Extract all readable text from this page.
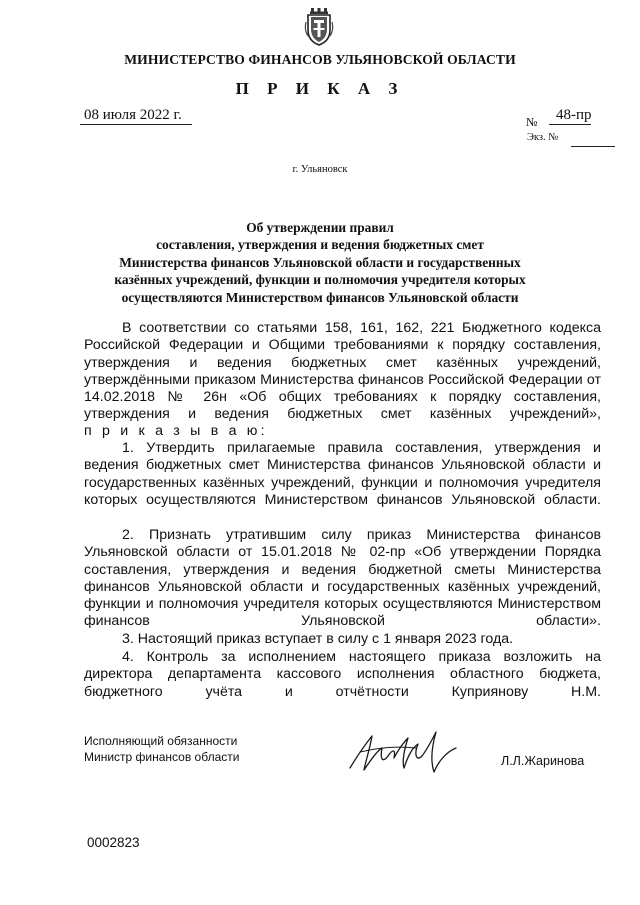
МИНИСТЕРСТВО ФИНАНСОВ УЛЬЯНОВСКОЙ ОБЛАСТИ
П Р И К А З
08 июля 2022 г.	№ 48-пр
Экз. №
г. Ульяновск
Об утверждении правил
составления, утверждения и ведения бюджетных смет
Министерства финансов Ульяновской области и государственных
казённых учреждений, функции и полномочия учредителя которых
осуществляются Министерством финансов Ульяновской области

В соответствии со статьями 158, 161, 162, 221 Бюджетного кодекса Российской Федерации и Общими требованиями к порядку составления, утверждения и ведения бюджетных смет казённых учреждений, утверждёнными приказом Министерства финансов Российской Федерации от 14.02.2018 № 26н «Об общих требованиях к порядку составления, утверждения и ведения бюджетных смет казённых учреждений»,

п р и к а з ы в а ю:

1. Утвердить прилагаемые правила составления, утверждения и ведения бюджетных смет Министерства финансов Ульяновской области и государственных казённых учреждений, функции и полномочия учредителя которых осуществляются Министерством финансов Ульяновской области.

2. Признать утратившим силу приказ Министерства финансов Ульяновской области от 15.01.2018 № 02-пр «Об утверждении Порядка составления, утверждения и ведения бюджетной сметы Министерства финансов Ульяновской области и государственных казённых учреждений, функции и полномочия учредителя которых осуществляются Министерством финансов Ульяновской области».

3. Настоящий приказ вступает в силу с 1 января 2023 года.

4. Контроль за исполнением настоящего приказа возложить на директора департамента кассового исполнения областного бюджета, бюджетного учёта и отчётности Куприянову Н.М.

Исполняющий обязанности
Министр финансов области	Л.Л.Жаринова
0002823
